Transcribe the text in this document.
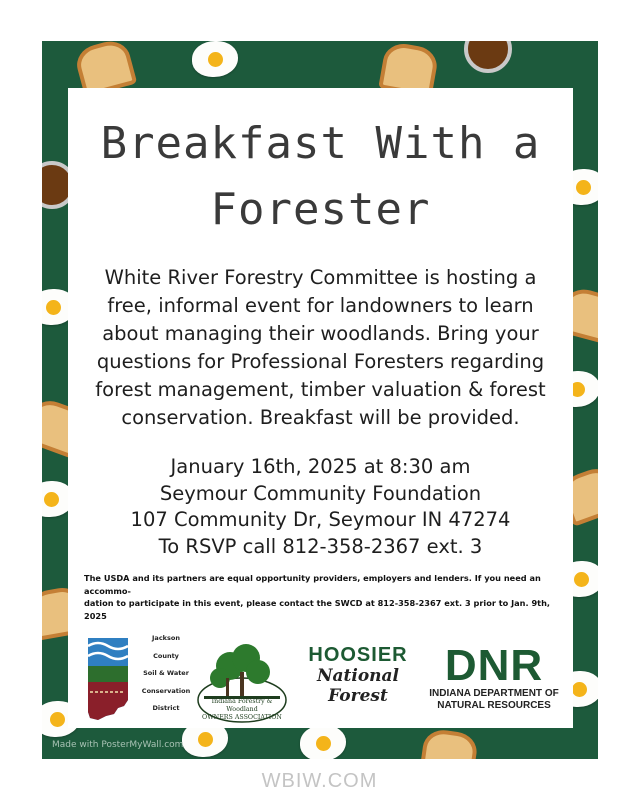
Breakfast With a
Forester
White River Forestry Committee is hosting a
free, informal event for landowners to learn
about managing their woodlands. Bring your
questions for Professional Foresters regarding
forest management, timber valuation & forest
conservation. Breakfast will be provided.
January 16th, 2025 at 8:30 am
Seymour Community Foundation
107 Community Dr, Seymour IN 47274
To RSVP call 812-358-2367 ext. 3
The USDA and its partners are equal opportunity providers, employers and lenders. If you need an accommo-
dation to participate in this event, please contact the SWCD at 812-358-2367 ext. 3 prior to Jan. 9th, 2025
Jackson
County
Soil & Water
Conservation
District
Indiana Forestry & Woodland
OWNERS ASSOCIATION
HOOSIER
National
Forest
DNR
INDIANA DEPARTMENT OF
NATURAL RESOURCES
Made with PosterMyWall.com
WBIW.COM
